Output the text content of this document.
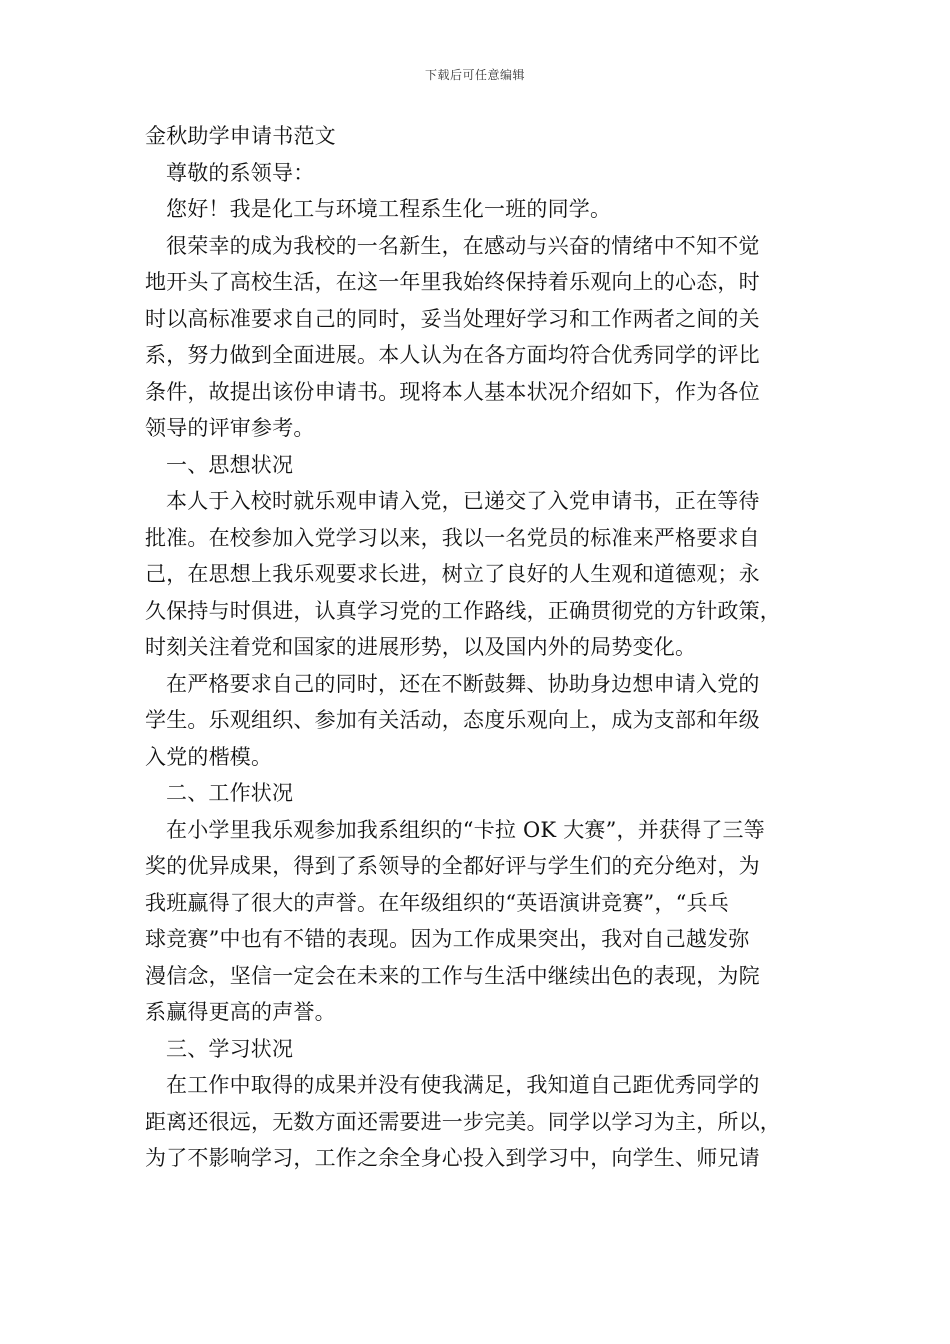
下载后可任意编辑
金秋助学申请书范文
尊敬的系领导：
您好！我是化工与环境工程系生化一班的同学。
很荣幸的成为我校的一名新生，在感动与兴奋的情绪中不知不觉
地开头了高校生活，在这一年里我始终保持着乐观向上的心态，时
时以高标准要求自己的同时，妥当处理好学习和工作两者之间的关
系，努力做到全面进展。本人认为在各方面均符合优秀同学的评比
条件，故提出该份申请书。现将本人基本状况介绍如下，作为各位
领导的评审参考。
一、思想状况
本人于入校时就乐观申请入党，已递交了入党申请书，正在等待
批准。在校参加入党学习以来，我以一名党员的标准来严格要求自
己，在思想上我乐观要求长进，树立了良好的人生观和道德观；永
久保持与时俱进，认真学习党的工作路线，正确贯彻党的方针政策，
时刻关注着党和国家的进展形势，以及国内外的局势变化。
在严格要求自己的同时，还在不断鼓舞、协助身边想申请入党的
学生。乐观组织、参加有关活动，态度乐观向上，成为支部和年级
入党的楷模。
二、工作状况
在小学里我乐观参加我系组织的“卡拉 OK 大赛”，并获得了三等
奖的优异成果，得到了系领导的全都好评与学生们的充分绝对，为
我班赢得了很大的声誉。在年级组织的“英语演讲竞赛”，“兵乓
球竞赛”中也有不错的表现。因为工作成果突出，我对自己越发弥
漫信念，坚信一定会在未来的工作与生活中继续出色的表现，为院
系赢得更高的声誉。
三、学习状况
在工作中取得的成果并没有使我满足，我知道自己距优秀同学的
距离还很远，无数方面还需要进一步完美。同学以学习为主，所以，
为了不影响学习，工作之余全身心投入到学习中，向学生、师兄请
